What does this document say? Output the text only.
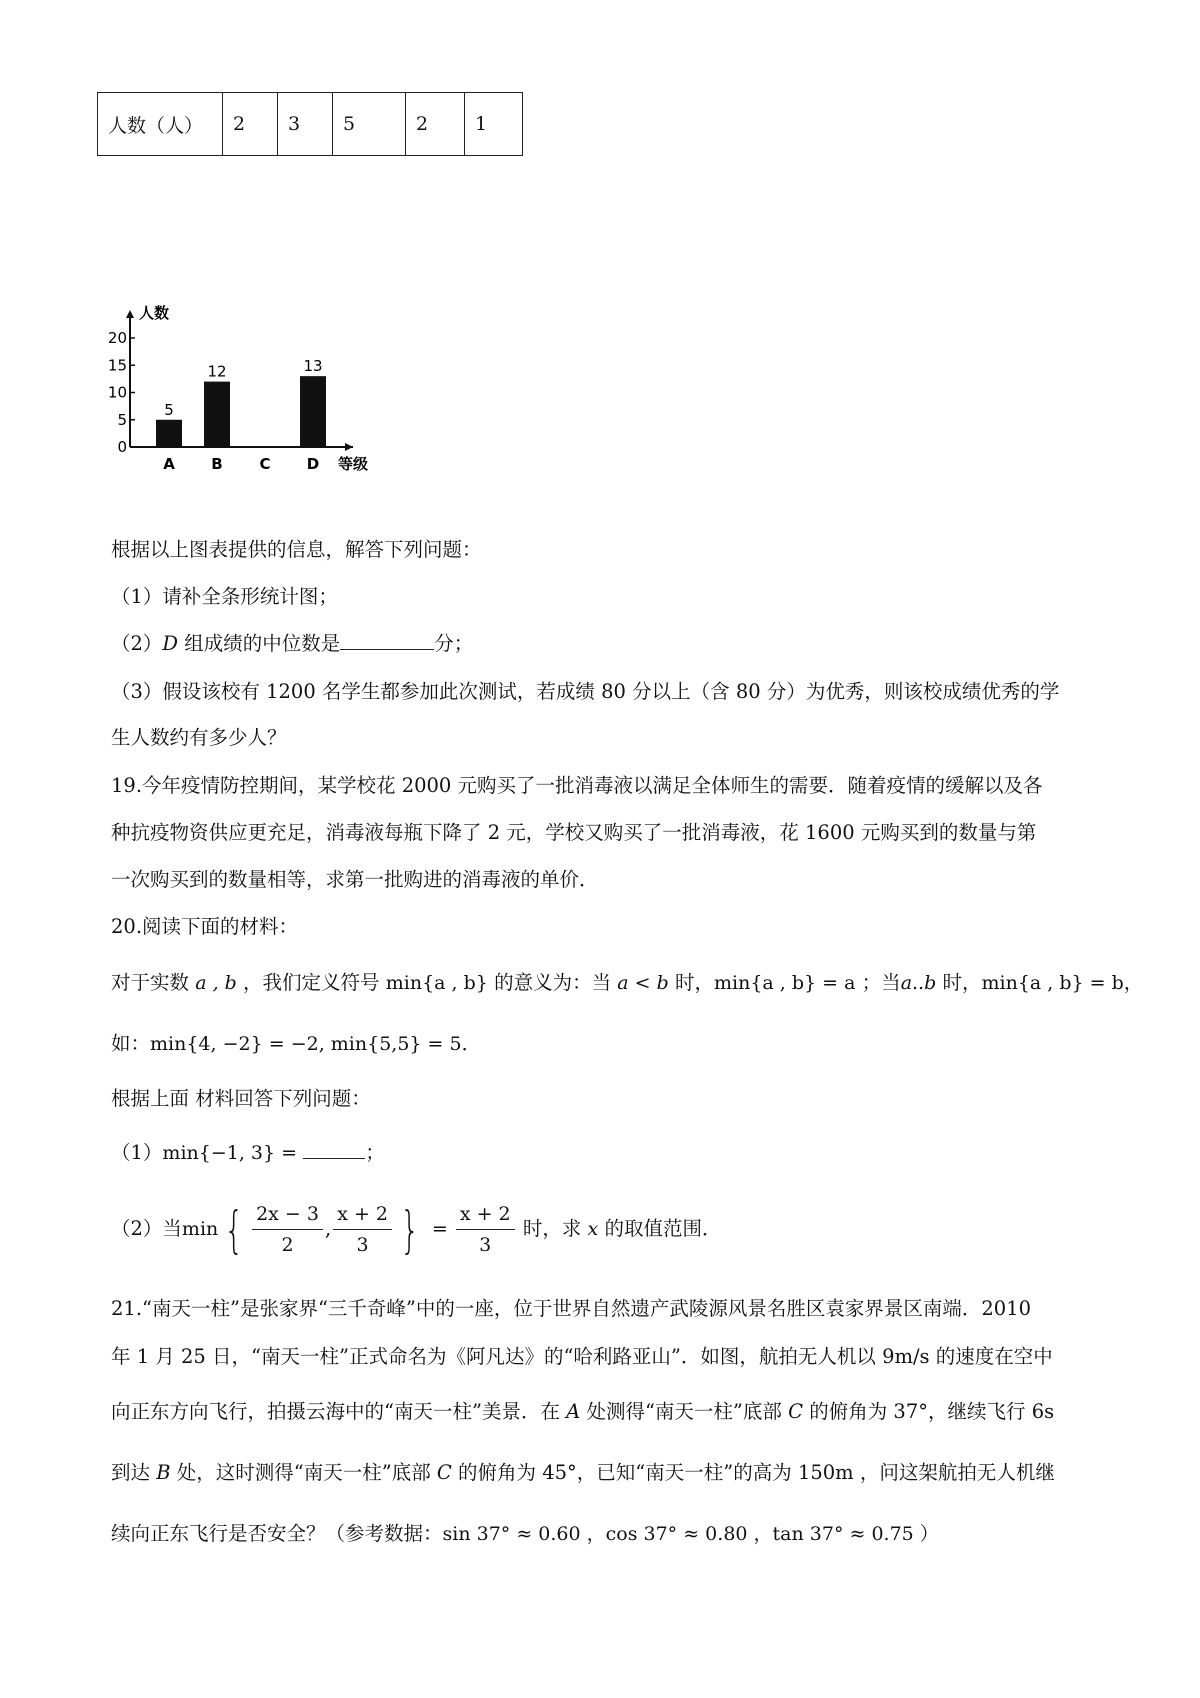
人数（人）	2	3	5	2	1
人数
0
5
10
15
20
5
A
12
B C
13
D 等级
根据以上图表提供的信息，解答下列问题：
（1）请补全条形统计图；
（2）D 组成绩的中位数是	分；
（3）假设该校有 1200 名学生都参加此次测试，若成绩 80 分以上（含 80 分）为优秀，则该校成绩优秀的学
生人数约有多少人？
19.今年疫情防控期间，某学校花 2000 元购买了一批消毒液以满足全体师生的需要．随着疫情的缓解以及各
种抗疫物资供应更充足，消毒液每瓶下降了 2 元，学校又购买了一批消毒液，花 1600 元购买到的数量与第
一次购买到的数量相等，求第一批购进的消毒液的单价．
20.阅读下面的材料：
对于实数 a , b ，我们定义符号 min{a , b} 的意义为：当 a < b 时，min{a , b} = a ；当a..b 时，min{a , b} = b，
如：min{4, −2} = −2, min{5,5} = 5．
根据上面 材料回答下列问题：
（1）min{−1, 3} =	；
（2）当min { $\frac{2x - 3}{2}$ , $\frac{x + 2}{3}$ } = $\frac{x + 2}{3}$ 时，求 x 的取值范围．
21.“南天一柱”是张家界“三千奇峰”中的一座，位于世界自然遗产武陵源风景名胜区袁家界景区南端．2010
年 1 月 25 日，“南天一柱”正式命名为《阿凡达》的“哈利路亚山”．如图，航拍无人机以 9m/s 的速度在空中
向正东方向飞行，拍摄云海中的“南天一柱”美景．在 A 处测得“南天一柱”底部 C 的俯角为 37°，继续飞行 6s
到达 B 处，这时测得“南天一柱”底部 C 的俯角为 45°，已知“南天一柱”的高为 150m ，问这架航拍无人机继
续向正东飞行是否安全？（参考数据：sin 37° ≈ 0.60 ，cos 37° ≈ 0.80 ，tan 37° ≈ 0.75 ）
